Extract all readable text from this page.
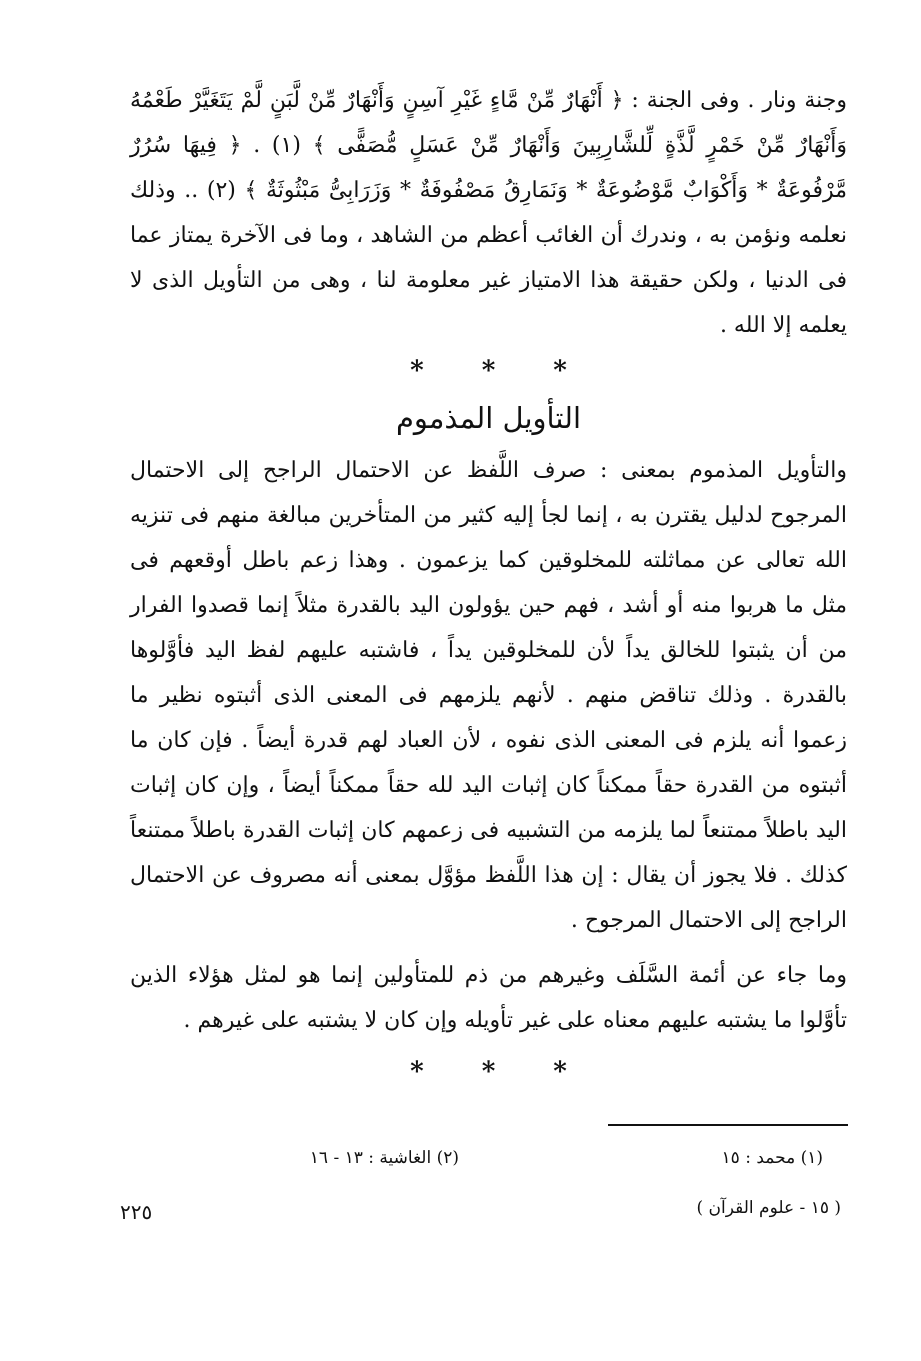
وجنة ونار . وفى الجنة : ﴿ أَنْهَارٌ مِّنْ مَّاءٍ غَيْرِ آسِنٍ وَأَنْهَارٌ مِّنْ لَّبَنٍ لَّمْ يَتَغَيَّرْ طَعْمُهُ وَأَنْهَارٌ مِّنْ خَمْرٍ لَّذَّةٍ لِّلشَّارِبِينَ وَأَنْهَارٌ مِّنْ عَسَلٍ مُّصَفًّى ﴾ (١) . ﴿ فِيهَا سُرُرٌ مَّرْفُوعَةٌ * وَأَكْوَابٌ مَّوْضُوعَةٌ * وَنَمَارِقُ مَصْفُوفَةٌ * وَزَرَابِىُّ مَبْثُوثَةٌ ﴾ (٢) .. وذلك نعلمه ونؤمن به ، وندرك أن الغائب أعظم من الشاهد ، وما فى الآخرة يمتاز عما فى الدنيا ، ولكن حقيقة هذا الامتياز غير معلومة لنا ، وهى من التأويل الذى لا يعلمه إلا الله .

* * *
التأويل المذموم

والتأويل المذموم بمعنى : صرف اللَّفظ عن الاحتمال الراجح إلى الاحتمال المرجوح لدليل يقترن به ، إنما لجأ إليه كثير من المتأخرين مبالغة منهم فى تنزيه الله تعالى عن مماثلته للمخلوقين كما يزعمون . وهذا زعم باطل أوقعهم فى مثل ما هربوا منه أو أشد ، فهم حين يؤولون اليد بالقدرة مثلاً إنما قصدوا الفرار من أن يثبتوا للخالق يداً لأن للمخلوقين يداً ، فاشتبه عليهم لفظ اليد فأوَّلوها بالقدرة . وذلك تناقض منهم . لأنهم يلزمهم فى المعنى الذى أثبتوه نظير ما زعموا أنه يلزم فى المعنى الذى نفوه ، لأن العباد لهم قدرة أيضاً . فإن كان ما أثبتوه من القدرة حقاً ممكناً كان إثبات اليد لله حقاً ممكناً أيضاً ، وإن كان إثبات اليد باطلاً ممتنعاً لما يلزمه من التشبيه فى زعمهم كان إثبات القدرة باطلاً ممتنعاً كذلك . فلا يجوز أن يقال : إن هذا اللَّفظ مؤوَّل بمعنى أنه مصروف عن الاحتمال الراجح إلى الاحتمال المرجوح .

وما جاء عن أئمة السَّلَف وغيرهم من ذم للمتأولين إنما هو لمثل هؤلاء الذين تأوَّلوا ما يشتبه عليهم معناه على غير تأويله وإن كان لا يشتبه على غيرهم .

* * *
(١) محمد : ١٥
(٢) الغاشية : ١٣ - ١٦
( ١٥ - علوم القرآن )
٢٢٥
